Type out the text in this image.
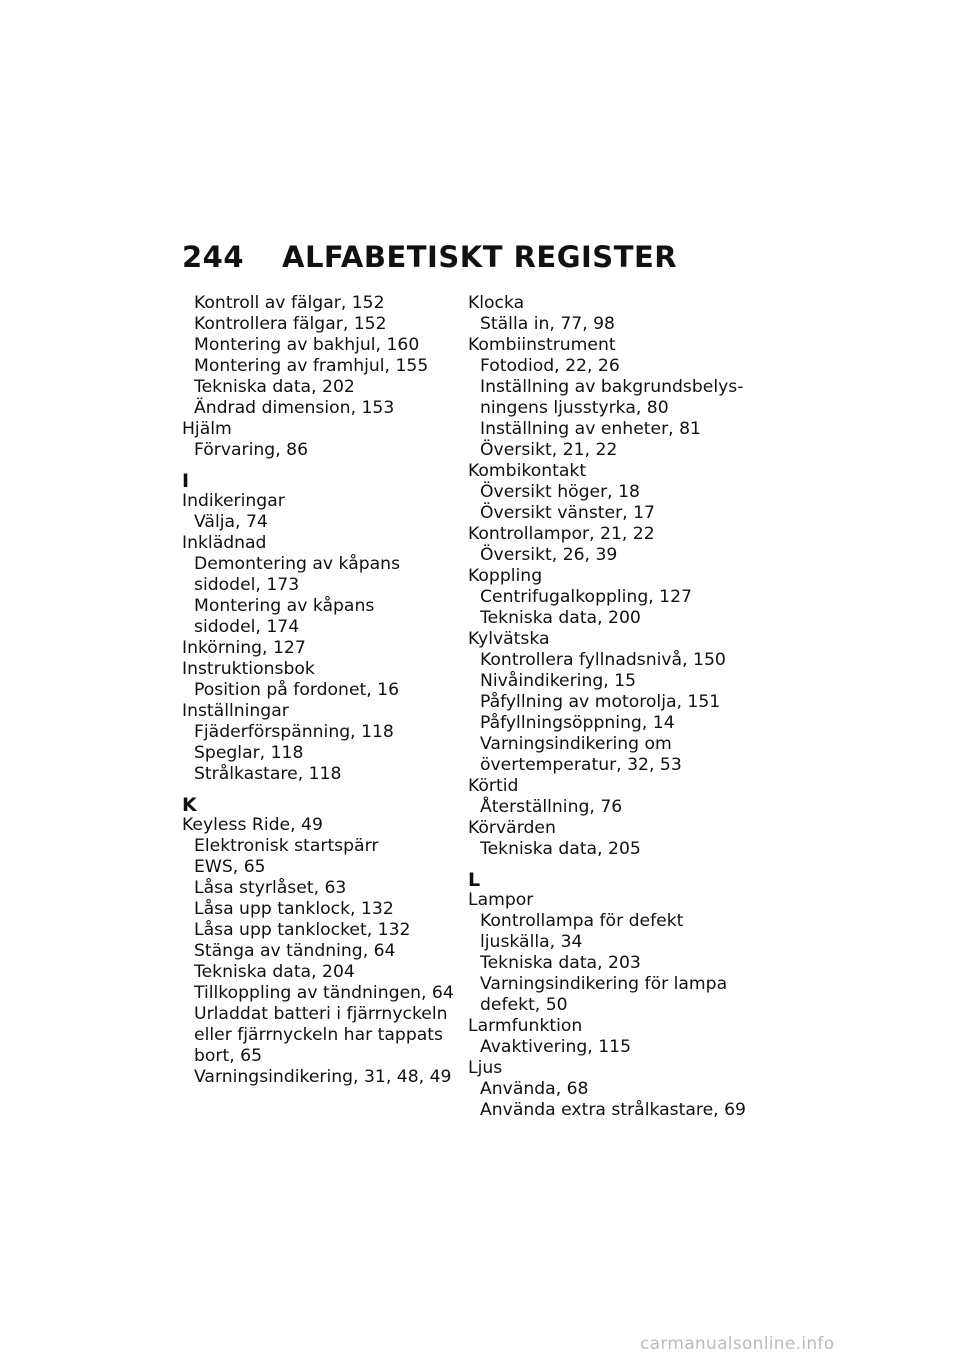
244 ALFABETISKT REGISTER
Kontroll av fälgar, 152
Kontrollera fälgar, 152
Montering av bakhjul, 160
Montering av framhjul, 155
Tekniska data, 202
Ändrad dimension, 153
Hjälm
Förvaring, 86
I
Indikeringar
Välja, 74
Inklädnad
Demontering av kåpans
sidodel, 173
Montering av kåpans
sidodel, 174
Inkörning, 127
Instruktionsbok
Position på fordonet, 16
Inställningar
Fjäderförspänning, 118
Speglar, 118
Strålkastare, 118
K
Keyless Ride, 49
Elektronisk startspärr
EWS, 65
Låsa styrlåset, 63
Låsa upp tanklock, 132
Låsa upp tanklocket, 132
Stänga av tändning, 64
Tekniska data, 204
Tillkoppling av tändningen, 64
Urladdat batteri i fjärrnyckeln
eller fjärrnyckeln har tappats
bort, 65
Varningsindikering, 31, 48, 49
Klocka
Ställa in, 77, 98
Kombiinstrument
Fotodiod, 22, 26
Inställning av bakgrundsbelys-
ningens ljusstyrka, 80
Inställning av enheter, 81
Översikt, 21, 22
Kombikontakt
Översikt höger, 18
Översikt vänster, 17
Kontrollampor, 21, 22
Översikt, 26, 39
Koppling
Centrifugalkoppling, 127
Tekniska data, 200
Kylvätska
Kontrollera fyllnadsnivå, 150
Nivåindikering, 15
Påfyllning av motorolja, 151
Påfyllningsöppning, 14
Varningsindikering om
övertemperatur, 32, 53
Körtid
Återställning, 76
Körvärden
Tekniska data, 205
L
Lampor
Kontrollampa för defekt
ljuskälla, 34
Tekniska data, 203
Varningsindikering för lampa
defekt, 50
Larmfunktion
Avaktivering, 115
Ljus
Använda, 68
Använda extra strålkastare, 69
carmanualsonline.info
